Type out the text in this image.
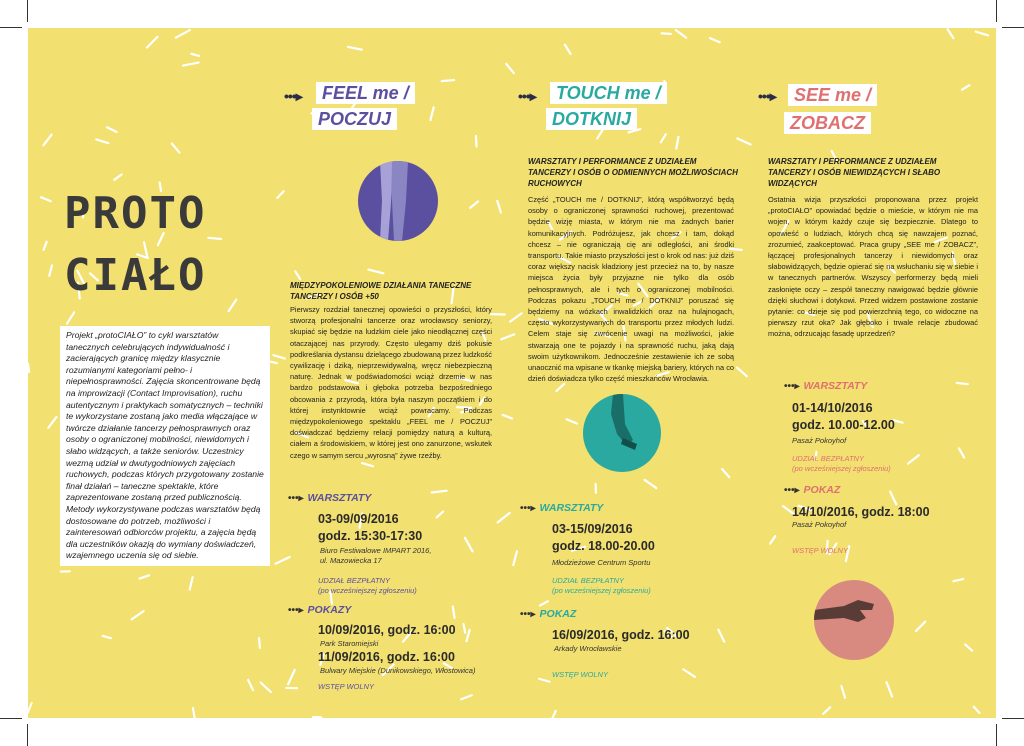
PROTO
CIAŁO
Projekt „protoCIAŁO” to cykl warsztatów tanecznych celebrujących indywidualność i zacierających granicę między klasycznie rozumianymi kategoriami pełno- i niepełnosprawności. Zajęcia skoncentrowane będą na improwizacji (Contact Improvisation), ruchu autentycznym i praktykach somatycznych – techniki te wykorzystane zostaną jako media włączające w twórcze działanie tancerzy pełnosprawnych oraz osoby o ograniczonej mobilności, niewidomych i słabo widzących, a także seniorów. Uczestnicy wezmą udział w dwutygodniowych zajęciach ruchowych, podczas których przygotowany zostanie finał działań – taneczne spektakle, które zaprezentowane zostaną przed publicznością. Metody wykorzystywane podczas warsztatów będą dostosowane do potrzeb, możliwości i zainteresowań odbiorców projektu, a zajęcia będą dla uczestników okazją do wymiany doświadczeń, wzajemnego uczenia się od siebie.
•••▸	FEEL me /
POCZUJ
MIĘDZYPOKOLENIOWE DZIAŁANIA TANECZNE TANCERZY I OSÓB +50
Pierwszy rozdział tanecznej opowieści o przyszłości, który stworzą profesjonalni tancerze oraz wrocławscy seniorzy, skupiać się będzie na ludzkim ciele jako nieodłącznej części otaczającej nas przyrody. Często ulegamy dziś pokusie podkreślania dystansu dzielącego zbudowaną przez ludzkość cywilizację i dziką, nieprzewidywalną, wręcz niebezpieczną naturę. Jednak w podświadomości wciąż drzemie w nas bardzo podstawowa i głęboka potrzeba bezpośredniego obcowania z przyrodą, która była naszym początkiem i do której instynktownie wciąż powracamy. Podczas międzypokoleniowego spektaklu „FEEL me / POCZUJ” doświadczać będziemy relacji pomiędzy naturą a kulturą, ciałem a środowiskiem, w której jest ono zanurzone, wskutek czego w samym sercu „wyrosną” żywe rzeźby.
•••▸ WARSZTATY
03-09/09/2016
godz. 15:30-17:30
Biuro Festiwalowe IMPART 2016,
ul. Mazowiecka 17
UDZIAŁ BEZPŁATNY
(po wcześniejszej zgłoszeniu)
•••▸ POKAZY
10/09/2016, godz. 16:00
Park Staromiejski
11/09/2016, godz. 16:00
Bulwary Miejskie (Dunikowskiego, Włostowica)
WSTĘP WOLNY
•••▸	TOUCH me /
DOTKNIJ
WARSZTATY I PERFORMANCE Z UDZIAŁEM TANCERZY I OSÓB O ODMIENNYCH MOŻLIWOŚCIACH RUCHOWYCH
Część „TOUCH me / DOTKNIJ”, którą współtworzyć będą osoby o ograniczonej sprawności ruchowej, prezentować będzie wizję miasta, w którym nie ma żadnych barier komunikacyjnych. Podróżujesz, jak chcesz i tam, dokąd chcesz – nie ograniczają cię ani odległości, ani środki transportu. Takie miasto przyszłości jest o krok od nas: już dziś coraz większy nacisk kładziony jest przecież na to, by nasze miejsca życia były przyjazne nie tylko dla osób pełnosprawnych, ale i tych o ograniczonej mobilności. Podczas pokazu „TOUCH me / DOTKNIJ” poruszać się będziemy na wózkach inwalidzkich oraz na hulajnogach, często wykorzystywanych do transportu przez młodych ludzi. Celem staje się zwrócenie uwagi na możliwości, jakie stwarzają one te pojazdy i na sprawność ruchu, jaką dają swoim użytkownikom. Jednocześnie zestawienie ich ze sobą unaocznić ma wpisane w tkankę miejską bariery, których na co dzień doświadcza tylko część mieszkańców Wrocławia.
•••▸ WARSZTATY
03-15/09/2016
godz. 18.00-20.00
Młodzieżowe Centrum Sportu
UDZIAŁ BEZPŁATNY
(po wcześniejszej zgłoszeniu)
•••▸ POKAZ
16/09/2016, godz. 16:00
Arkady Wrocławskie
WSTĘP WOLNY
•••▸	SEE me /
ZOBACZ
WARSZTATY I PERFORMANCE Z UDZIAŁEM TANCERZY I OSÓB NIEWIDZĄCYCH I SŁABO WIDZĄCYCH
Ostatnia wizja przyszłości proponowana przez projekt „protoCIAŁO” opowiadać będzie o mieście, w którym nie ma wojen, w którym każdy czuje się bezpiecznie. Dlatego to opowieść o ludziach, których chcą się nawzajem poznać, zrozumieć, zaakceptować. Praca grupy „SEE me / ZOBACZ”, łączącej profesjonalnych tancerzy i niewidomych oraz słabowidzących, będzie opierać się na wsłuchaniu się w siebie i w tanecznych partnerów. Wszyscy performerzy będą mieli zasłonięte oczy – zespół taneczny nawigować będzie głównie dzięki słuchowi i dotykowi. Przed widzem postawione zostanie pytanie: co dzieje się pod powierzchnią tego, co widoczne na pierwszy rzut oka? Jak głęboko i trwale relacje zbudować można, odrzucając fasadę uprzedzeń?
•••▸ WARSZTATY
01-14/10/2016
godz. 10.00-12.00
Pasaż Pokoyhof
UDZIAŁ BEZPŁATNY
(po wcześniejszej zgłoszeniu)
•••▸ POKAZ
14/10/2016, godz. 18:00
Pasaż Pokoyhof
WSTĘP WOLNY
